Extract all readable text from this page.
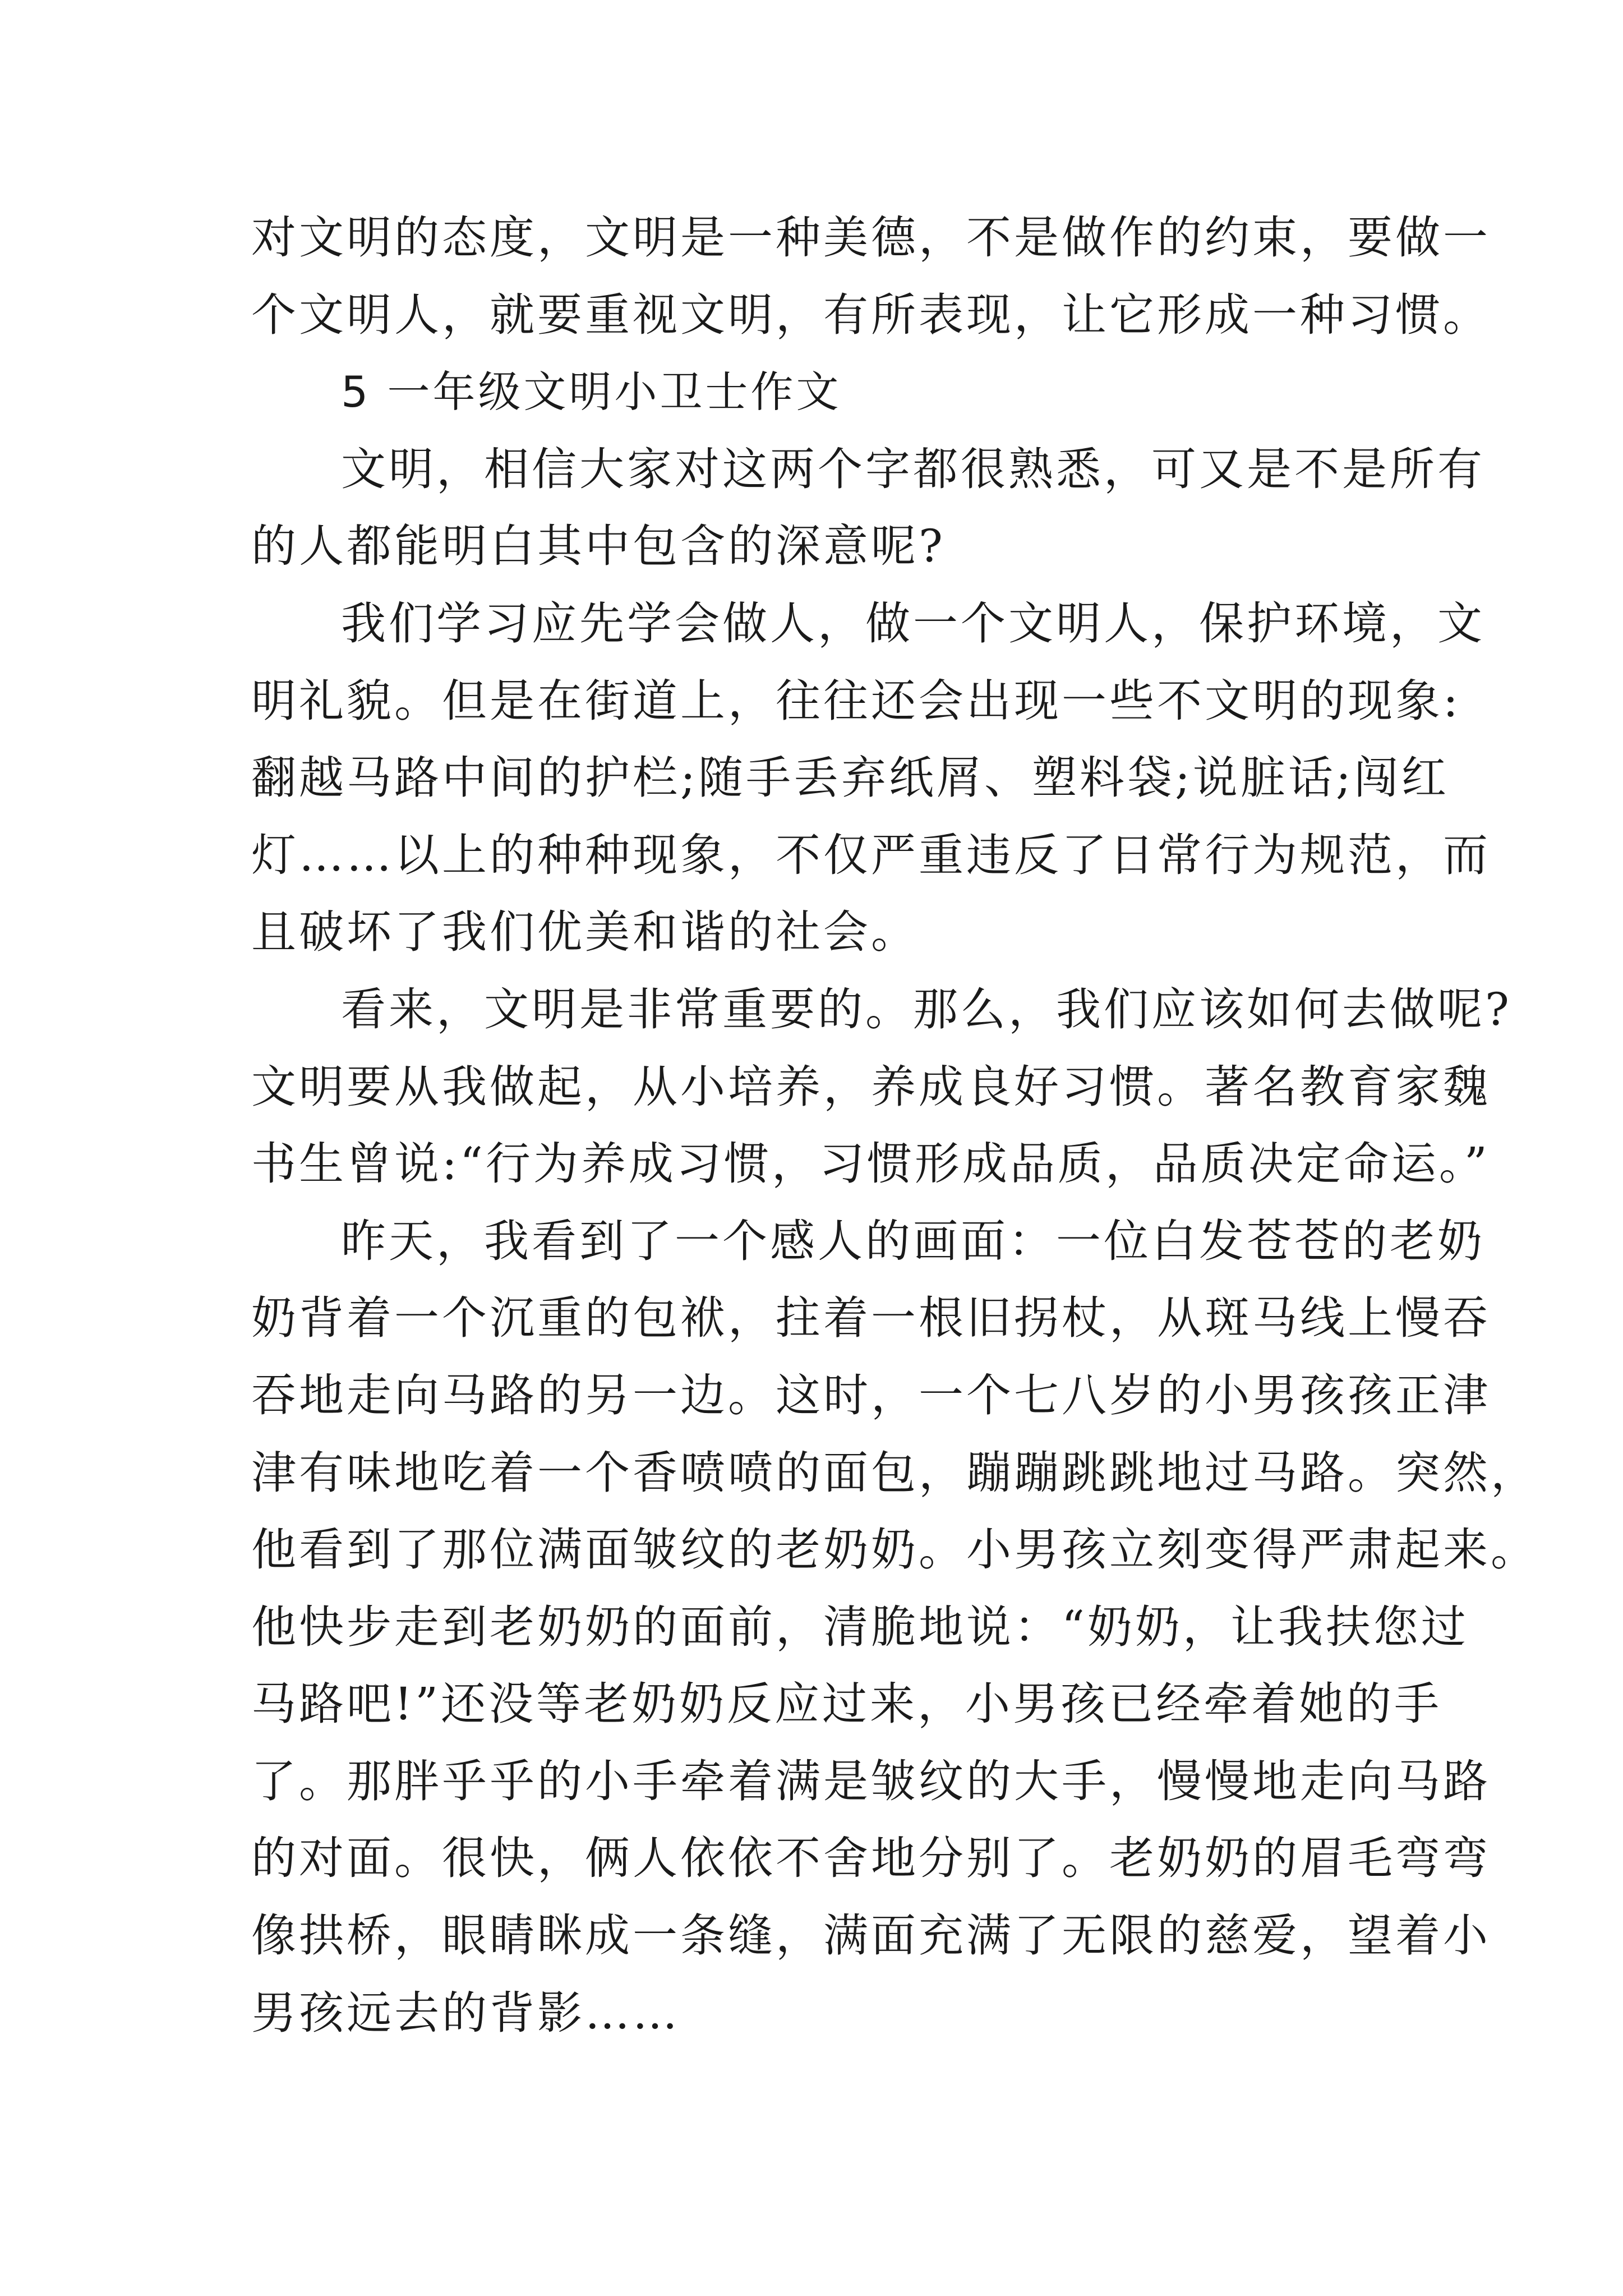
对文明的态度，文明是一种美德，不是做作的约束，要做一
个文明人，就要重视文明，有所表现，让它形成一种习惯。
5 一年级文明小卫士作文
文明，相信大家对这两个字都很熟悉，可又是不是所有
的人都能明白其中包含的深意呢?
我们学习应先学会做人，做一个文明人，保护环境，文
明礼貌。但是在街道上，往往还会出现一些不文明的现象:
翻越马路中间的护栏;随手丢弃纸屑、塑料袋;说脏话;闯红
灯……以上的种种现象，不仅严重违反了日常行为规范，而
且破坏了我们优美和谐的社会。
看来，文明是非常重要的。那么，我们应该如何去做呢?
文明要从我做起，从小培养，养成良好习惯。著名教育家魏
书生曾说:“行为养成习惯，习惯形成品质，品质决定命运。”
昨天，我看到了一个感人的画面：一位白发苍苍的老奶
奶背着一个沉重的包袱，拄着一根旧拐杖，从斑马线上慢吞
吞地走向马路的另一边。这时，一个七八岁的小男孩孩正津
津有味地吃着一个香喷喷的面包，蹦蹦跳跳地过马路。突然，
他看到了那位满面皱纹的老奶奶。小男孩立刻变得严肃起来。
他快步走到老奶奶的面前，清脆地说：“奶奶，让我扶您过
马路吧!”还没等老奶奶反应过来，小男孩已经牵着她的手
了。那胖乎乎的小手牵着满是皱纹的大手，慢慢地走向马路
的对面。很快，俩人依依不舍地分别了。老奶奶的眉毛弯弯
像拱桥，眼睛眯成一条缝，满面充满了无限的慈爱，望着小
男孩远去的背影……
